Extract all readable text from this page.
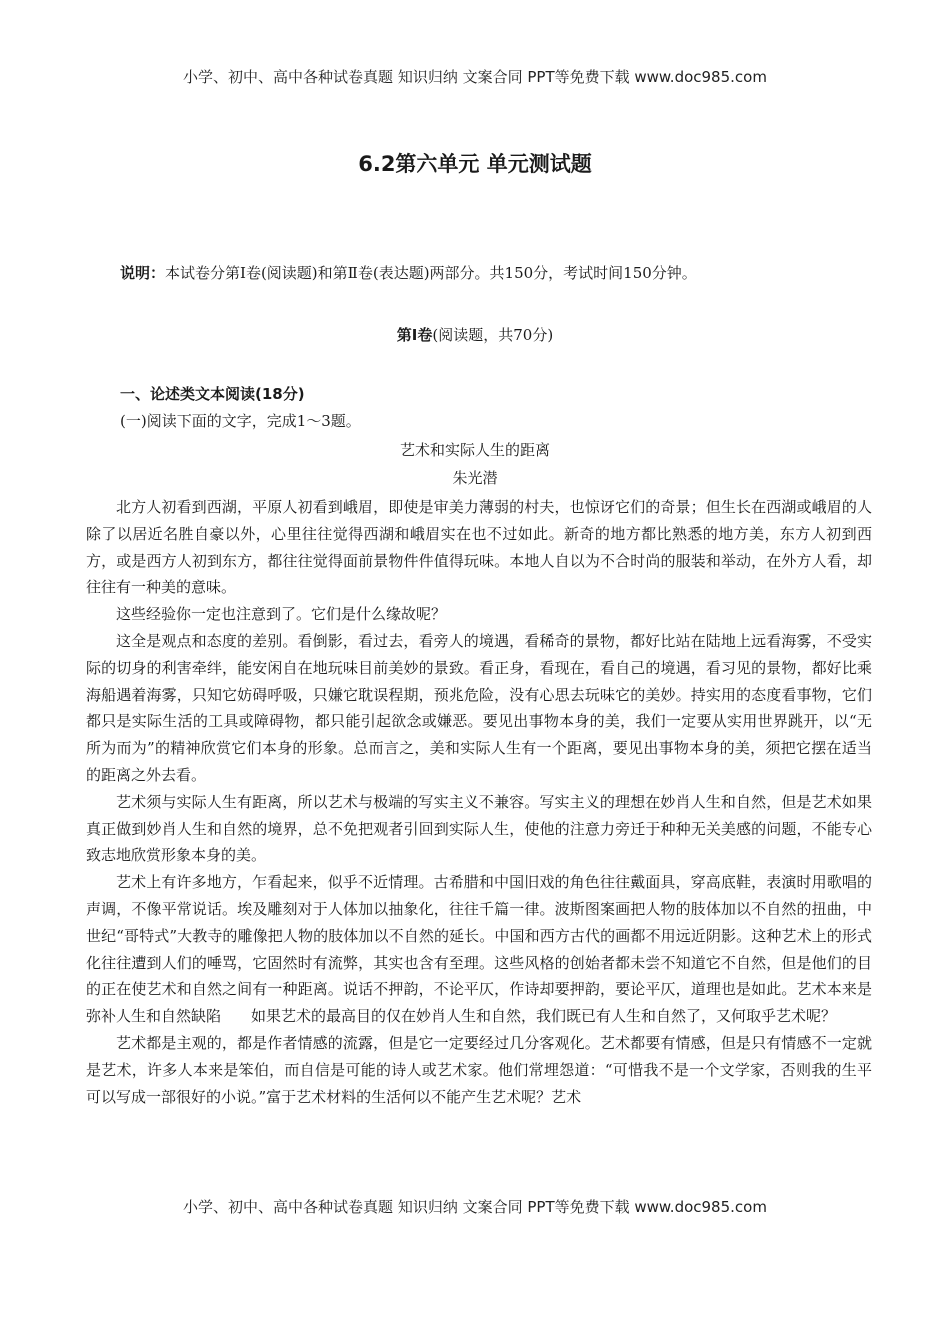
小学、初中、高中各种试卷真题 知识归纳 文案合同 PPT等免费下载 www.doc985.com
6.2第六单元 单元测试题
说明：本试卷分第Ⅰ卷(阅读题)和第Ⅱ卷(表达题)两部分。共150分，考试时间150分钟。
第Ⅰ卷(阅读题，共70分)
一、论述类文本阅读(18分)
(一)阅读下面的文字，完成1～3题。
艺术和实际人生的距离
朱光潜

北方人初看到西湖，平原人初看到峨眉，即使是审美力薄弱的村夫，也惊讶它们的奇景；但生长在西湖或峨眉的人除了以居近名胜自豪以外，心里往往觉得西湖和峨眉实在也不过如此。新奇的地方都比熟悉的地方美，东方人初到西方，或是西方人初到东方，都往往觉得面前景物件件值得玩味。本地人自以为不合时尚的服装和举动，在外方人看，却往往有一种美的意味。

这些经验你一定也注意到了。它们是什么缘故呢？

这全是观点和态度的差别。看倒影，看过去，看旁人的境遇，看稀奇的景物，都好比站在陆地上远看海雾，不受实际的切身的利害牵绊，能安闲自在地玩味目前美妙的景致。看正身，看现在，看自己的境遇，看习见的景物，都好比乘海船遇着海雾，只知它妨碍呼吸，只嫌它耽误程期，预兆危险，没有心思去玩味它的美妙。持实用的态度看事物，它们都只是实际生活的工具或障碍物，都只能引起欲念或嫌恶。要见出事物本身的美，我们一定要从实用世界跳开，以“无所为而为”的精神欣赏它们本身的形象。总而言之，美和实际人生有一个距离，要见出事物本身的美，须把它摆在适当的距离之外去看。

艺术须与实际人生有距离，所以艺术与极端的写实主义不兼容。写实主义的理想在妙肖人生和自然，但是艺术如果真正做到妙肖人生和自然的境界，总不免把观者引回到实际人生，使他的注意力旁迁于种种无关美感的问题，不能专心致志地欣赏形象本身的美。

艺术上有许多地方，乍看起来，似乎不近情理。古希腊和中国旧戏的角色往往戴面具，穿高底鞋，表演时用歌唱的声调，不像平常说话。埃及雕刻对于人体加以抽象化，往往千篇一律。波斯图案画把人物的肢体加以不自然的扭曲，中世纪“哥特式”大教寺的雕像把人物的肢体加以不自然的延长。中国和西方古代的画都不用远近阴影。这种艺术上的形式化往往遭到人们的唾骂，它固然时有流弊，其实也含有至理。这些风格的创始者都未尝不知道它不自然，但是他们的目的正在使艺术和自然之间有一种距离。说话不押韵，不论平仄，作诗却要押韵，要论平仄，道理也是如此。艺术本来是弥补人生和自然缺陷　　如果艺术的最高目的仅在妙肖人生和自然，我们既已有人生和自然了，又何取乎艺术呢？

艺术都是主观的，都是作者情感的流露，但是它一定要经过几分客观化。艺术都要有情感，但是只有情感不一定就是艺术，许多人本来是笨伯，而自信是可能的诗人或艺术家。他们常埋怨道：“可惜我不是一个文学家，否则我的生平可以写成一部很好的小说。”富于艺术材料的生活何以不能产生艺术呢？艺术

小学、初中、高中各种试卷真题 知识归纳 文案合同 PPT等免费下载 www.doc985.com
